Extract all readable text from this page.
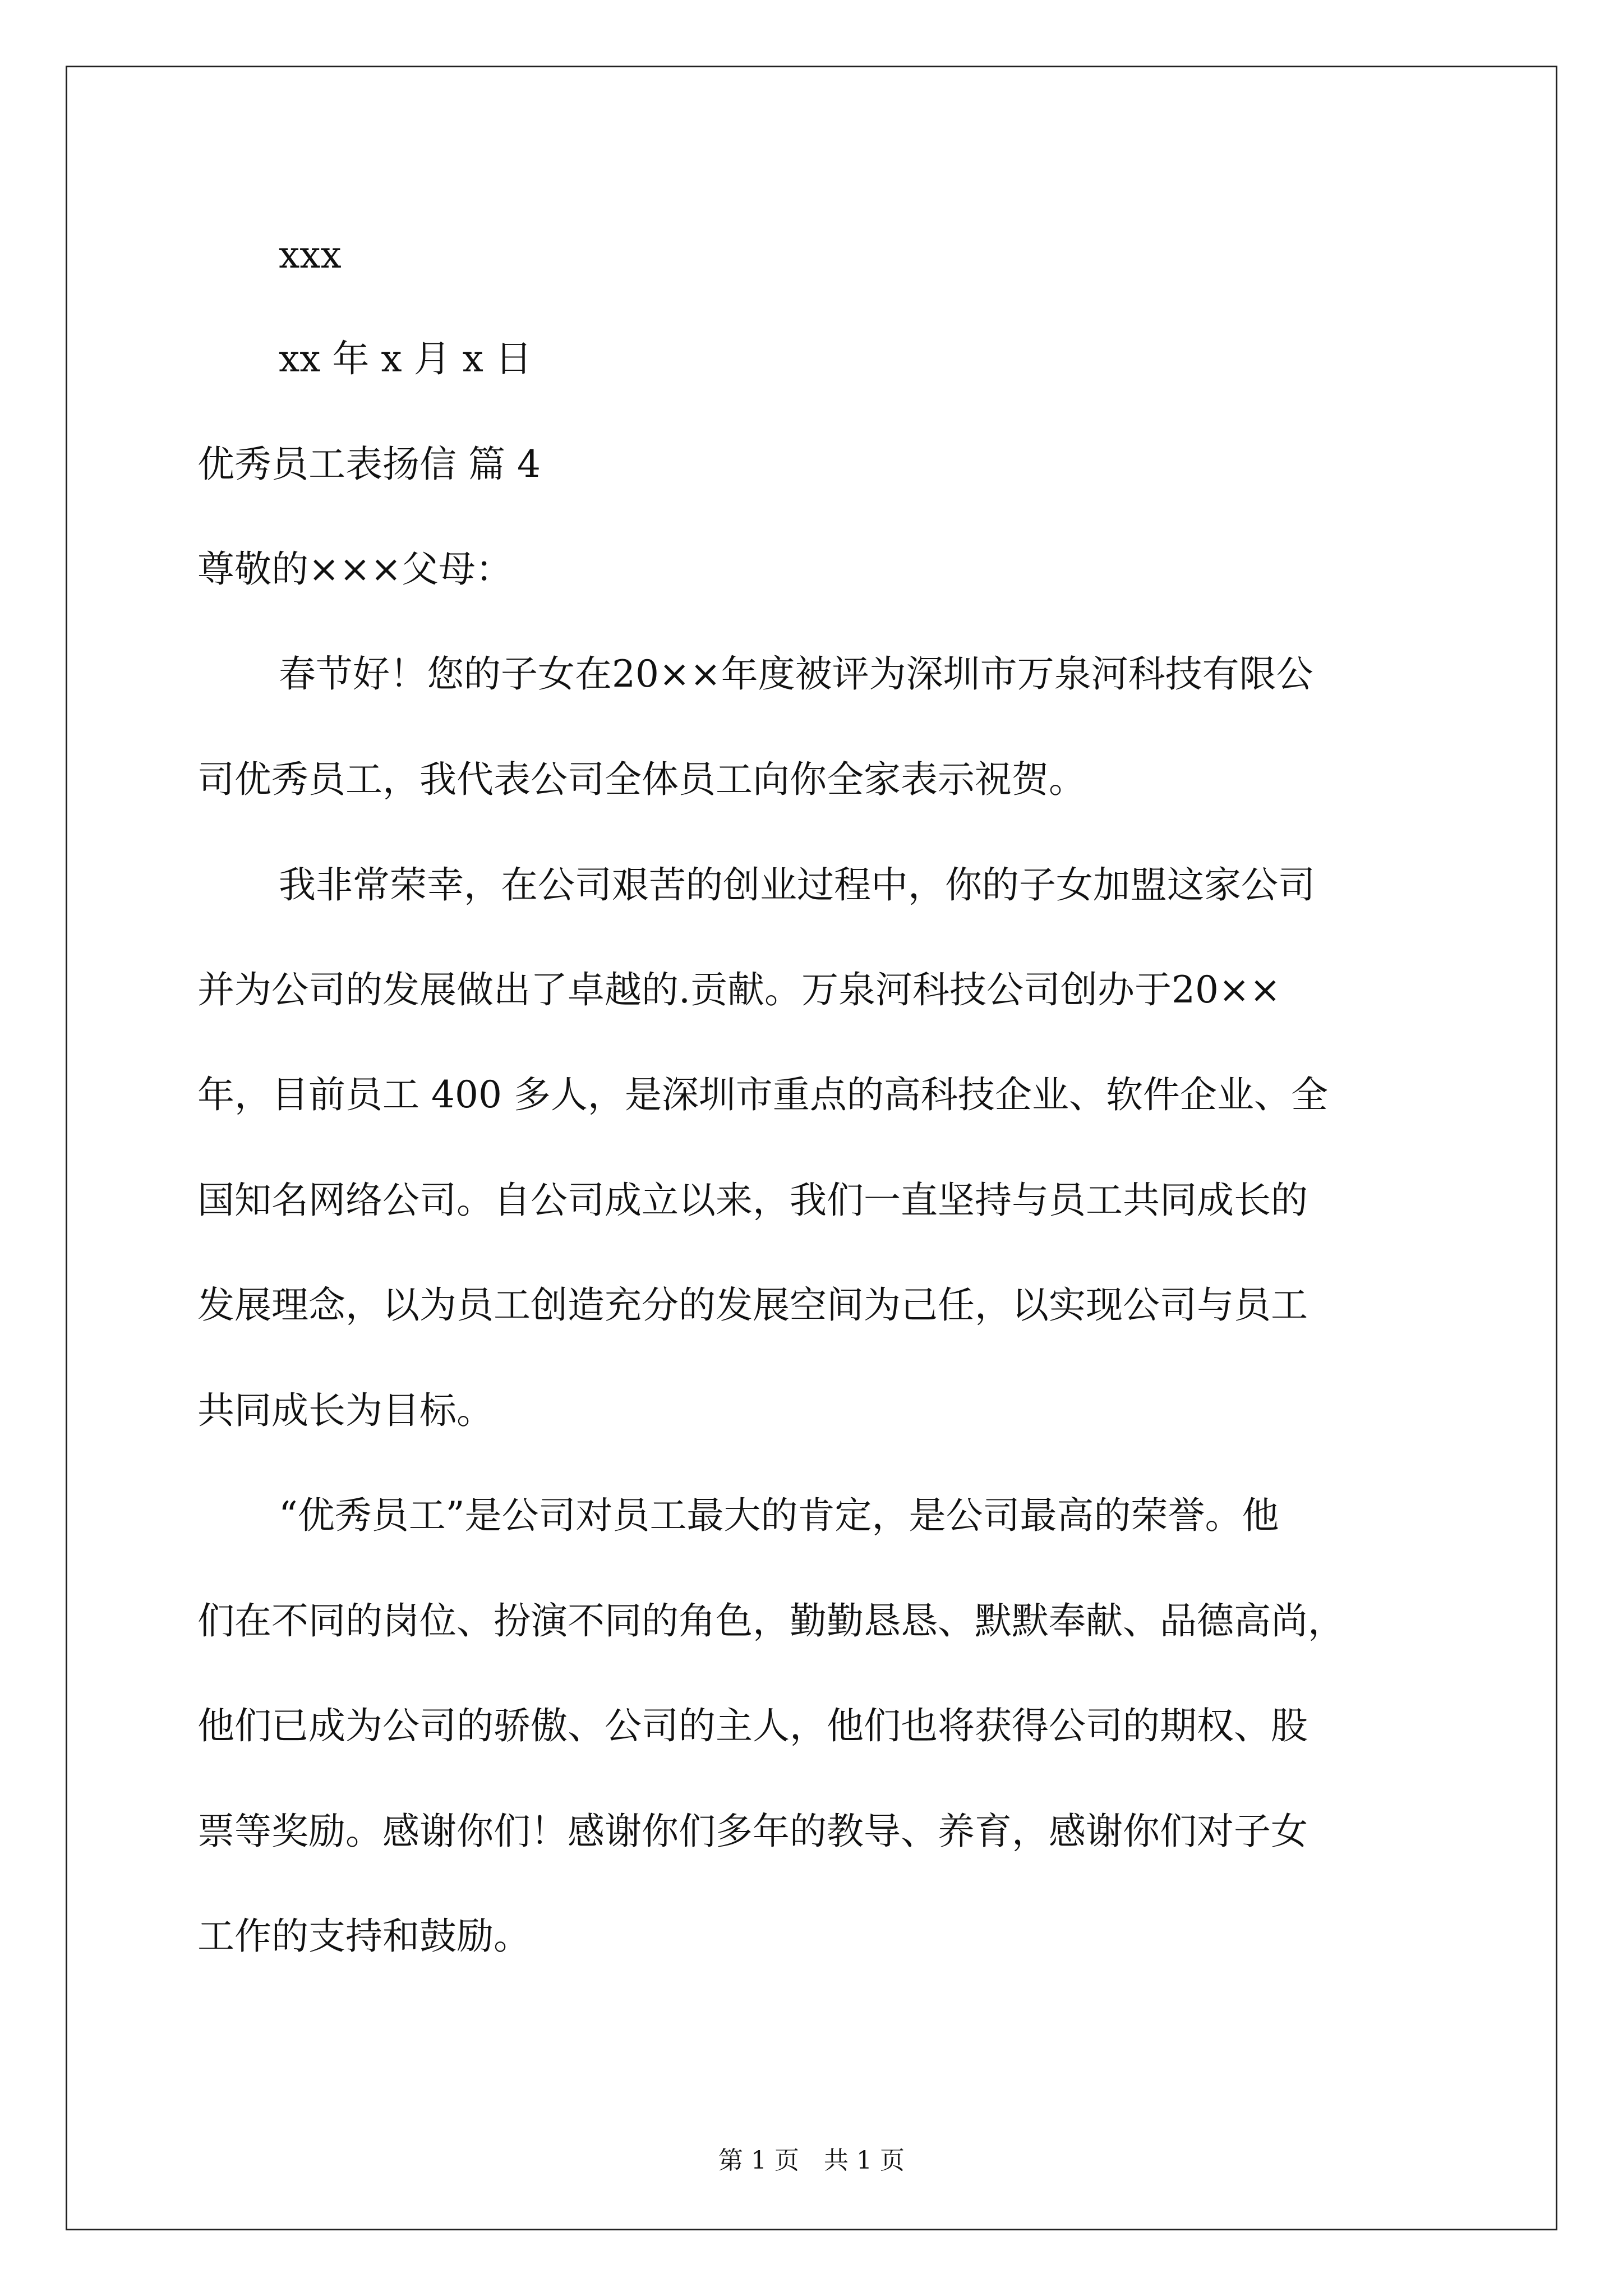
xxx

xx 年 x 月 x 日

优秀员工表扬信 篇 4

尊敬的×××父母：

春节好！您的子女在20××年度被评为深圳市万泉河科技有限公

司优秀员工，我代表公司全体员工向你全家表示祝贺。

我非常荣幸，在公司艰苦的创业过程中，你的子女加盟这家公司

并为公司的发展做出了卓越的.贡献。万泉河科技公司创办于20××

年，目前员工 400 多人，是深圳市重点的高科技企业、软件企业、全

国知名网络公司。自公司成立以来，我们一直坚持与员工共同成长的

发展理念，以为员工创造充分的发展空间为己任，以实现公司与员工

共同成长为目标。

“优秀员工”是公司对员工最大的肯定，是公司最高的荣誉。他

们在不同的岗位、扮演不同的角色，勤勤恳恳、默默奉献、品德高尚，

他们已成为公司的骄傲、公司的主人，他们也将获得公司的期权、股

票等奖励。感谢你们！感谢你们多年的教导、养育，感谢你们对子女

工作的支持和鼓励。

第 1 页　共 1 页
